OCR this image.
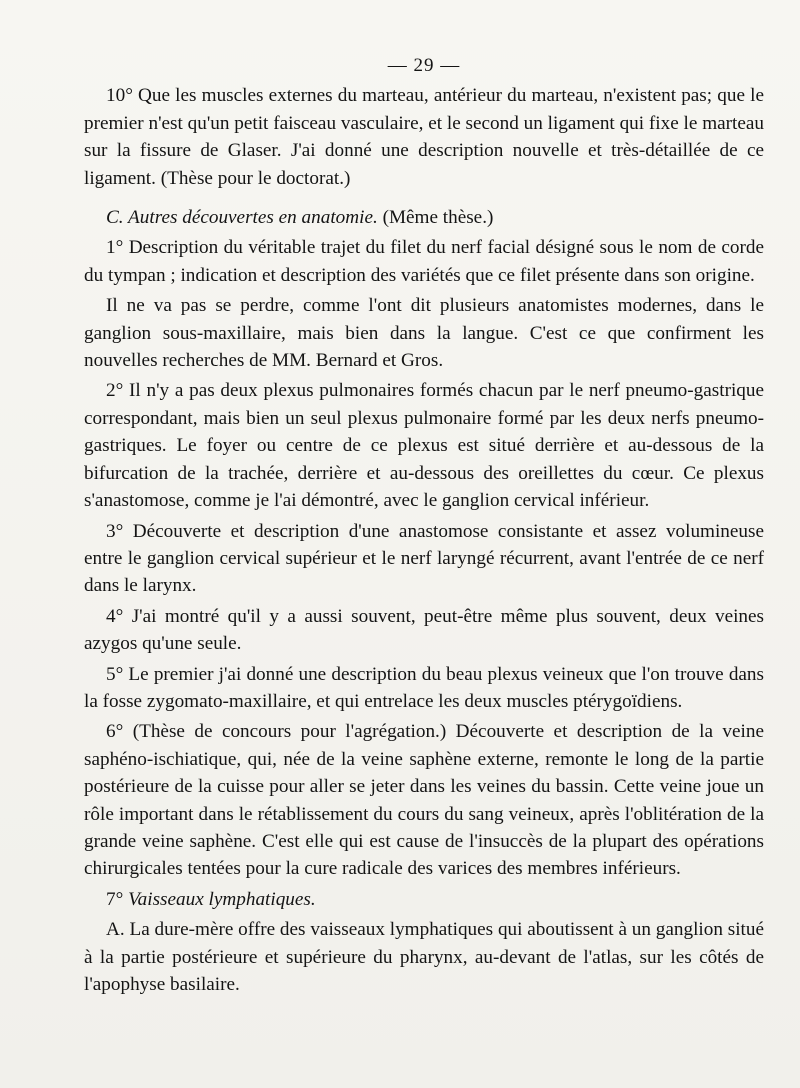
— 29 —

10° Que les muscles externes du marteau, antérieur du marteau, n'existent pas; que le premier n'est qu'un petit faisceau vasculaire, et le second un ligament qui fixe le marteau sur la fissure de Glaser. J'ai donné une description nouvelle et très-détaillée de ce ligament. (Thèse pour le doctorat.)

C. Autres découvertes en anatomie. (Même thèse.)

1° Description du véritable trajet du filet du nerf facial désigné sous le nom de corde du tympan ; indication et description des variétés que ce filet présente dans son origine.

Il ne va pas se perdre, comme l'ont dit plusieurs anatomistes modernes, dans le ganglion sous-maxillaire, mais bien dans la langue. C'est ce que confirment les nouvelles recherches de MM. Bernard et Gros.

2° Il n'y a pas deux plexus pulmonaires formés chacun par le nerf pneumo-gastrique correspondant, mais bien un seul plexus pulmonaire formé par les deux nerfs pneumo-gastriques. Le foyer ou centre de ce plexus est situé derrière et au-dessous de la bifurcation de la trachée, derrière et au-dessous des oreillettes du cœur. Ce plexus s'anastomose, comme je l'ai démontré, avec le ganglion cervical inférieur.

3° Découverte et description d'une anastomose consistante et assez volumineuse entre le ganglion cervical supérieur et le nerf laryngé récurrent, avant l'entrée de ce nerf dans le larynx.

4° J'ai montré qu'il y a aussi souvent, peut-être même plus souvent, deux veines azygos qu'une seule.

5° Le premier j'ai donné une description du beau plexus veineux que l'on trouve dans la fosse zygomato-maxillaire, et qui entrelace les deux muscles ptérygoïdiens.

6° (Thèse de concours pour l'agrégation.) Découverte et description de la veine saphéno-ischiatique, qui, née de la veine saphène externe, remonte le long de la partie postérieure de la cuisse pour aller se jeter dans les veines du bassin. Cette veine joue un rôle important dans le rétablissement du cours du sang veineux, après l'oblitération de la grande veine saphène. C'est elle qui est cause de l'insuccès de la plupart des opérations chirurgicales tentées pour la cure radicale des varices des membres inférieurs.

7° Vaisseaux lymphatiques.

A. La dure-mère offre des vaisseaux lymphatiques qui aboutissent à un ganglion situé à la partie postérieure et supérieure du pharynx, au-devant de l'atlas, sur les côtés de l'apophyse basilaire.
